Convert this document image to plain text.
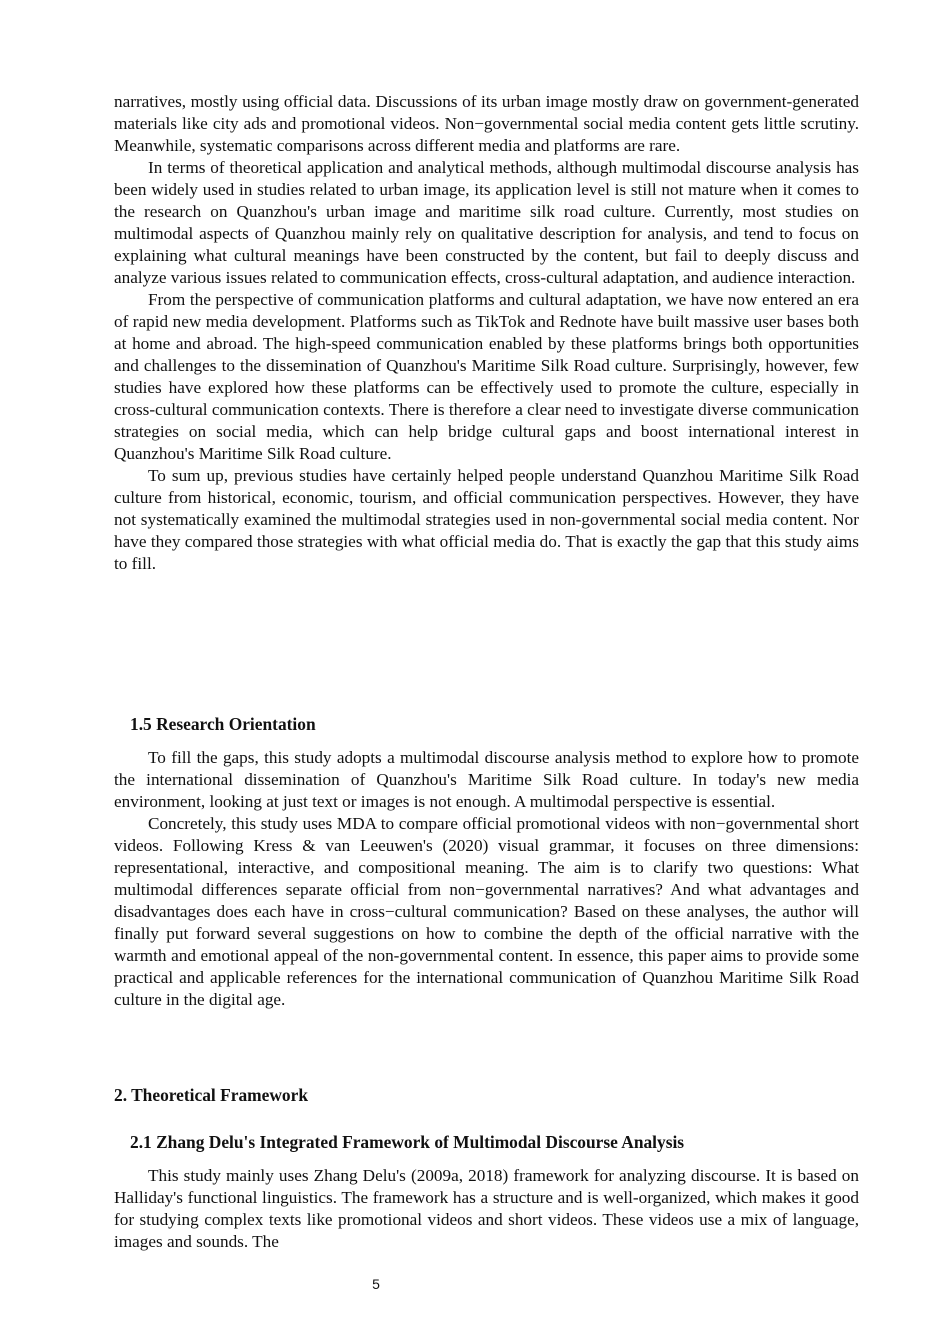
narratives, mostly using official data. Discussions of its urban image mostly draw on government-generated materials like city ads and promotional videos. Non−governmental social media content gets little scrutiny. Meanwhile, systematic comparisons across different media and platforms are rare.

In terms of theoretical application and analytical methods, although multimodal discourse analysis has been widely used in studies related to urban image, its application level is still not mature when it comes to the research on Quanzhou's urban image and maritime silk road culture. Currently, most studies on multimodal aspects of Quanzhou mainly rely on qualitative description for analysis, and tend to focus on explaining what cultural meanings have been constructed by the content, but fail to deeply discuss and analyze various issues related to communication effects, cross-cultural adaptation, and audience interaction.

From the perspective of communication platforms and cultural adaptation, we have now entered an era of rapid new media development. Platforms such as TikTok and Rednote have built massive user bases both at home and abroad. The high-speed communication enabled by these platforms brings both opportunities and challenges to the dissemination of Quanzhou's Maritime Silk Road culture. Surprisingly, however, few studies have explored how these platforms can be effectively used to promote the culture, especially in cross-cultural communication contexts. There is therefore a clear need to investigate diverse communication strategies on social media, which can help bridge cultural gaps and boost international interest in Quanzhou's Maritime Silk Road culture.

To sum up, previous studies have certainly helped people understand Quanzhou Maritime Silk Road culture from historical, economic, tourism, and official communication perspectives. However, they have not systematically examined the multimodal strategies used in non-governmental social media content. Nor have they compared those strategies with what official media do. That is exactly the gap that this study aims to fill.

1.5 Research Orientation

To fill the gaps, this study adopts a multimodal discourse analysis method to explore how to promote the international dissemination of Quanzhou's Maritime Silk Road culture. In today's new media environment, looking at just text or images is not enough. A multimodal perspective is essential.

Concretely, this study uses MDA to compare official promotional videos with non−governmental short videos. Following Kress & van Leeuwen's (2020) visual grammar, it focuses on three dimensions: representational, interactive, and compositional meaning. The aim is to clarify two questions: What multimodal differences separate official from non−governmental narratives? And what advantages and disadvantages does each have in cross−cultural communication? Based on these analyses, the author will finally put forward several suggestions on how to combine the depth of the official narrative with the warmth and emotional appeal of the non-governmental content. In essence, this paper aims to provide some practical and applicable references for the international communication of Quanzhou Maritime Silk Road culture in the digital age.

2. Theoretical Framework
2.1 Zhang Delu's Integrated Framework of Multimodal Discourse Analysis

This study mainly uses Zhang Delu's (2009a, 2018) framework for analyzing discourse. It is based on Halliday's functional linguistics. The framework has a structure and is well-organized, which makes it good for studying complex texts like promotional videos and short videos. These videos use a mix of language, images and sounds. The

5
